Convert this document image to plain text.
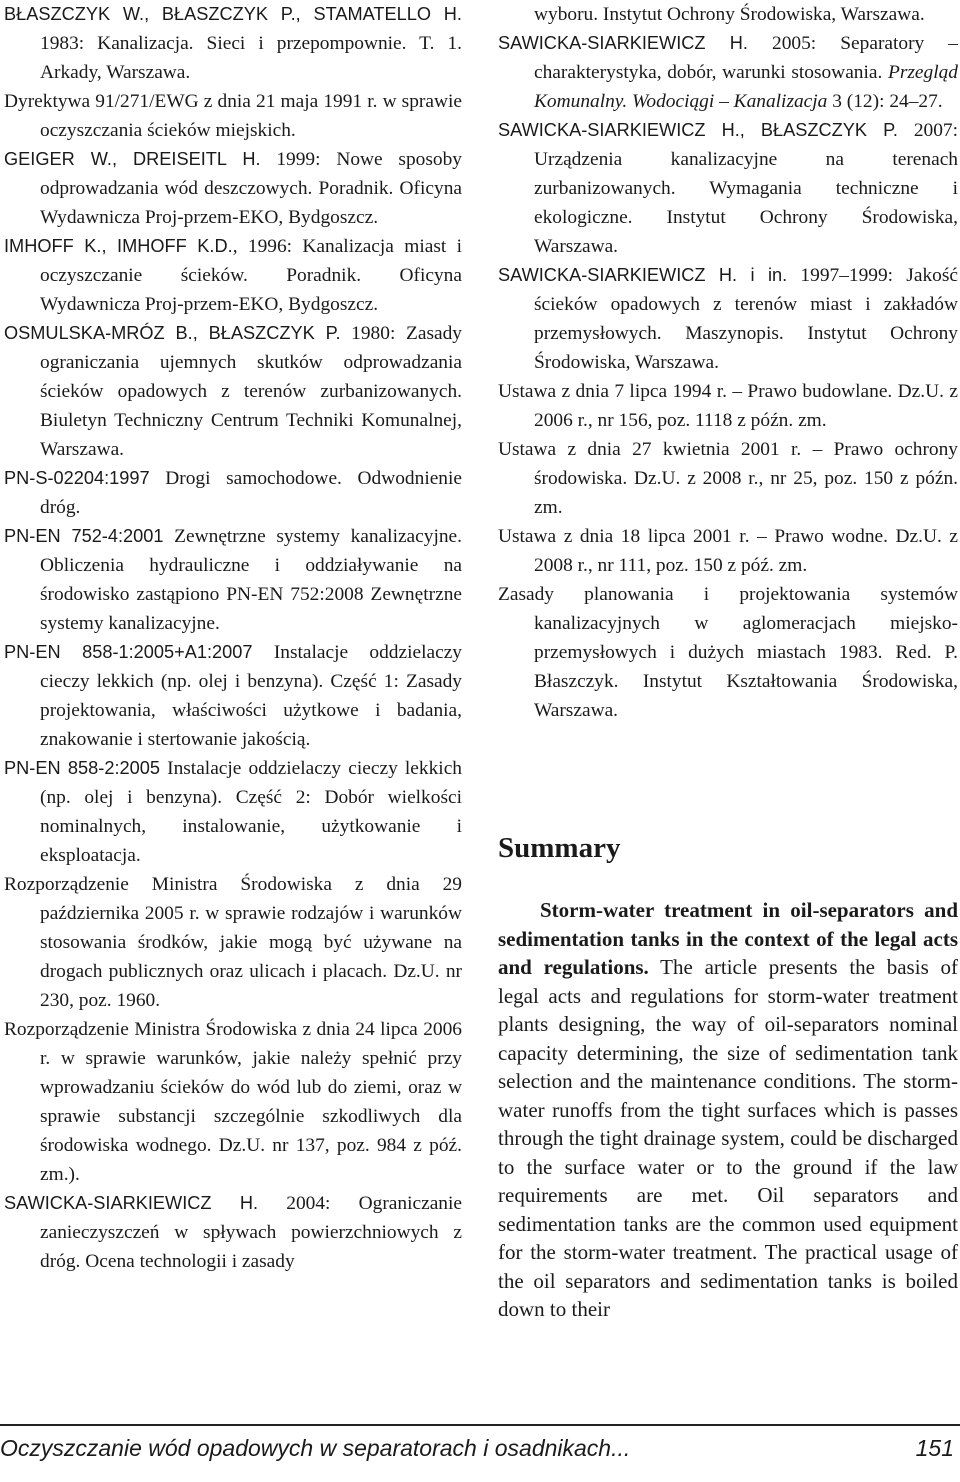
BŁASZCZYK W., BŁASZCZYK P., STAMATELLO H. 1983: Kanalizacja. Sieci i przepompownie. T. 1. Arkady, Warszawa.

Dyrektywa 91/271/EWG z dnia 21 maja 1991 r. w sprawie oczyszczania ścieków miejskich.

GEIGER W., DREISEITL H. 1999: Nowe sposoby odprowadzania wód deszczowych. Poradnik. Oficyna Wydawnicza Proj-przem-EKO, Bydgoszcz.

IMHOFF K., IMHOFF K.D., 1996: Kanalizacja miast i oczyszczanie ścieków. Poradnik. Oficyna Wydawnicza Proj-przem-EKO, Bydgoszcz.

OSMULSKA-MRÓZ B., BŁASZCZYK P. 1980: Zasady ograniczania ujemnych skutków odprowadzania ścieków opadowych z terenów zurbanizowanych. Biuletyn Techniczny Centrum Techniki Komunalnej, Warszawa.

PN-S-02204:1997 Drogi samochodowe. Odwodnienie dróg.

PN-EN 752-4:2001 Zewnętrzne systemy kanalizacyjne. Obliczenia hydrauliczne i oddziaływanie na środowisko zastąpiono PN-EN 752:2008 Zewnętrzne systemy kanalizacyjne.

PN-EN 858-1:2005+A1:2007 Instalacje oddzielaczy cieczy lekkich (np. olej i benzyna). Część 1: Zasady projektowania, właściwości użytkowe i badania, znakowanie i stertowanie jakością.

PN-EN 858-2:2005 Instalacje oddzielaczy cieczy lekkich (np. olej i benzyna). Część 2: Dobór wielkości nominalnych, instalowanie, użytkowanie i eksploatacja.

Rozporządzenie Ministra Środowiska z dnia 29 października 2005 r. w sprawie rodzajów i warunków stosowania środków, jakie mogą być używane na drogach publicznych oraz ulicach i placach. Dz.U. nr 230, poz. 1960.

Rozporządzenie Ministra Środowiska z dnia 24 lipca 2006 r. w sprawie warunków, jakie należy spełnić przy wprowadzaniu ścieków do wód lub do ziemi, oraz w sprawie substancji szczególnie szkodliwych dla środowiska wodnego. Dz.U. nr 137, poz. 984 z póź. zm.).

SAWICKA-SIARKIEWICZ H. 2004: Ograniczanie zanieczyszczeń w spływach powierzchniowych z dróg. Ocena technologii i zasady

wyboru. Instytut Ochrony Środowiska, Warszawa.

SAWICKA-SIARKIEWICZ H. 2005: Separatory – charakterystyka, dobór, warunki stosowania. Przegląd Komunalny. Wodociągi – Kanalizacja 3 (12): 24–27.

SAWICKA-SIARKIEWICZ H., BŁASZCZYK P. 2007: Urządzenia kanalizacyjne na terenach zurbanizowanych. Wymagania techniczne i ekologiczne. Instytut Ochrony Środowiska, Warszawa.

SAWICKA-SIARKIEWICZ H. i in. 1997–1999: Jakość ścieków opadowych z terenów miast i zakładów przemysłowych. Maszynopis. Instytut Ochrony Środowiska, Warszawa.

Ustawa z dnia 7 lipca 1994 r. – Prawo budowlane. Dz.U. z 2006 r., nr 156, poz. 1118 z późn. zm.

Ustawa z dnia 27 kwietnia 2001 r. – Prawo ochrony środowiska. Dz.U. z 2008 r., nr 25, poz. 150 z późn. zm.

Ustawa z dnia 18 lipca 2001 r. – Prawo wodne. Dz.U. z 2008 r., nr 111, poz. 150 z póź. zm.

Zasady planowania i projektowania systemów kanalizacyjnych w aglomeracjach miejsko-przemysłowych i dużych miastach 1983. Red. P. Błaszczyk. Instytut Kształtowania Środowiska, Warszawa.

Summary

Storm-water treatment in oil-separators and sedimentation tanks in the context of the legal acts and regulations. The article presents the basis of legal acts and regulations for storm-water treatment plants designing, the way of oil-separators nominal capacity determining, the size of sedimentation tank selection and the maintenance conditions. The storm-water runoffs from the tight surfaces which is passes through the tight drainage system, could be discharged to the surface water or to the ground if the law requirements are met. Oil separators and sedimentation tanks are the common used equipment for the storm-water treatment. The practical usage of the oil separators and sedimentation tanks is boiled down to their

Oczyszczanie wód opadowych w separatorach i osadnikach...	151
